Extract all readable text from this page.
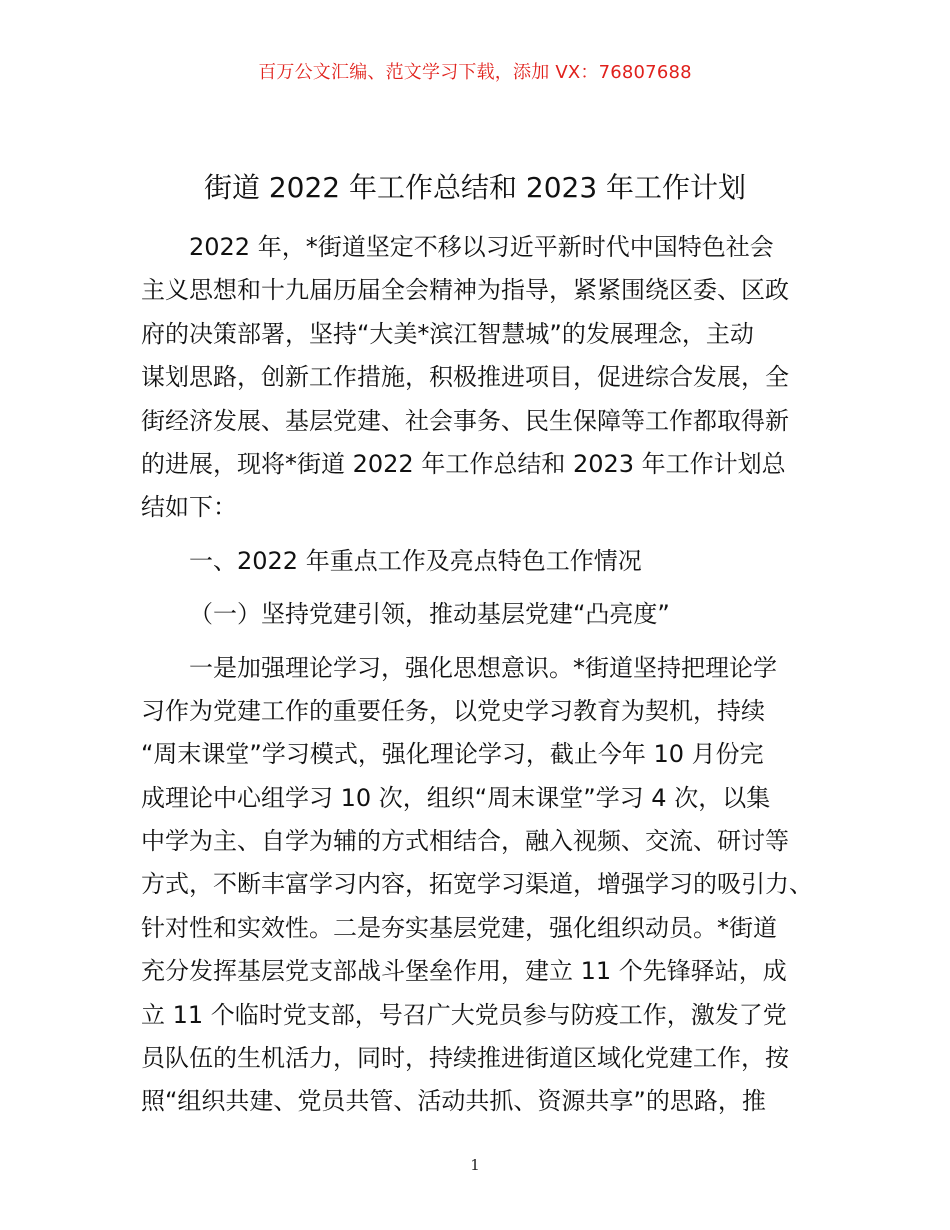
百万公文汇编、范文学习下载，添加 VX：76807688
街道 2022 年工作总结和 2023 年工作计划
2022 年，*街道坚定不移以习近平新时代中国特色社会
主义思想和十九届历届全会精神为指导，紧紧围绕区委、区政
府的决策部署，坚持“大美*滨江智慧城”的发展理念，主动
谋划思路，创新工作措施，积极推进项目，促进综合发展，全
街经济发展、基层党建、社会事务、民生保障等工作都取得新
的进展，现将*街道 2022 年工作总结和 2023 年工作计划总
结如下：
一、2022 年重点工作及亮点特色工作情况
（一）坚持党建引领，推动基层党建“凸亮度”
一是加强理论学习，强化思想意识。*街道坚持把理论学
习作为党建工作的重要任务，以党史学习教育为契机，持续
“周末课堂”学习模式，强化理论学习，截止今年 10 月份完
成理论中心组学习 10 次，组织“周末课堂”学习 4 次，以集
中学为主、自学为辅的方式相结合，融入视频、交流、研讨等
方式，不断丰富学习内容，拓宽学习渠道，增强学习的吸引力、
针对性和实效性。二是夯实基层党建，强化组织动员。*街道
充分发挥基层党支部战斗堡垒作用，建立 11 个先锋驿站，成
立 11 个临时党支部，号召广大党员参与防疫工作，激发了党
员队伍的生机活力，同时，持续推进街道区域化党建工作，按
照“组织共建、党员共管、活动共抓、资源共享”的思路，推
1
